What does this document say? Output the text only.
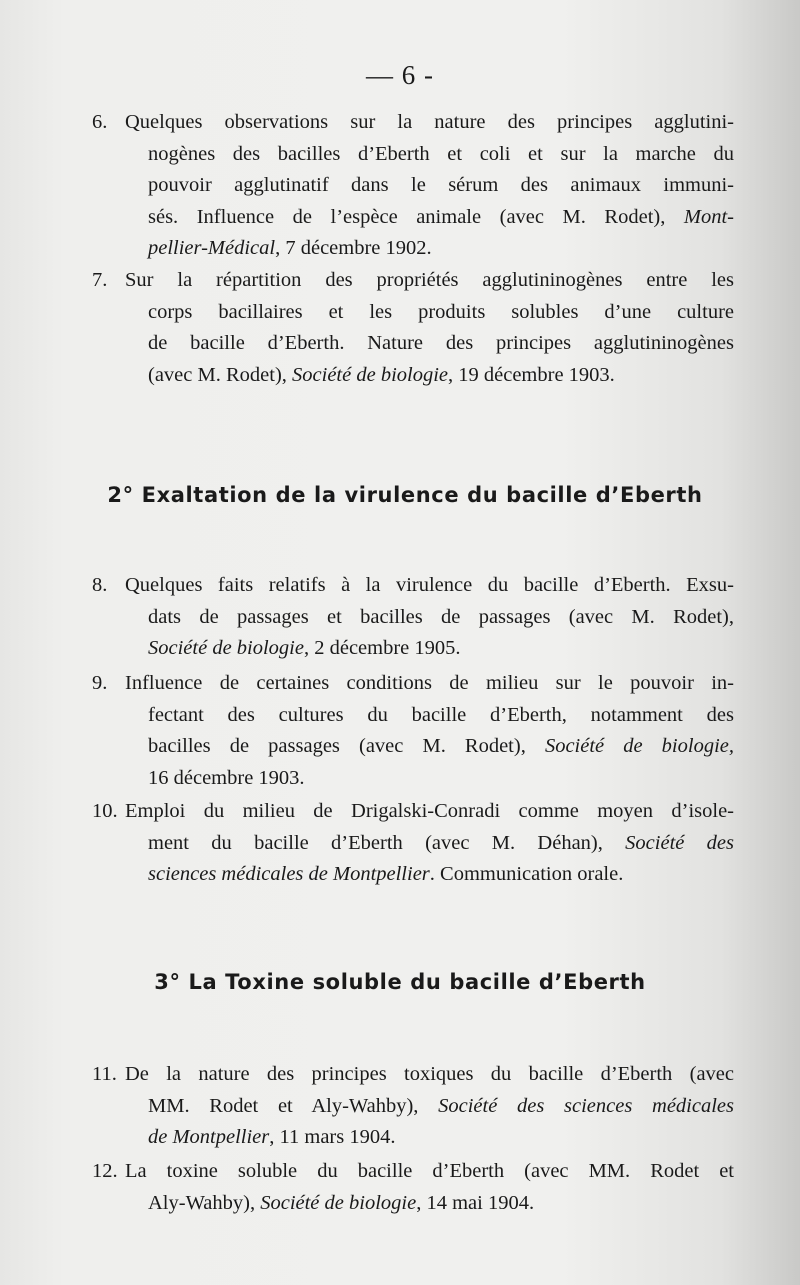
— 6 -
6. Quelques observations sur la nature des principes agglutini-
nogènes des bacilles d’Eberth et coli et sur la marche du
pouvoir agglutinatif dans le sérum des animaux immuni-
sés. Influence de l’espèce animale (avec M. Rodet), Mont-
pellier-Médical, 7 décembre 1902.
7. Sur la répartition des propriétés agglutininogènes entre les
corps bacillaires et les produits solubles d’une culture
de bacille d’Eberth. Nature des principes agglutininogènes
(avec M. Rodet), Société de biologie, 19 décembre 1903.
2° Exaltation de la virulence du bacille d’Eberth
8. Quelques faits relatifs à la virulence du bacille d’Eberth. Exsu-
dats de passages et bacilles de passages (avec M. Rodet),
Société de biologie, 2 décembre 1905.
9. Influence de certaines conditions de milieu sur le pouvoir in-
fectant des cultures du bacille d’Eberth, notamment des
bacilles de passages (avec M. Rodet), Société de biologie,
16 décembre 1903.
10. Emploi du milieu de Drigalski-Conradi comme moyen d’isole-
ment du bacille d’Eberth (avec M. Déhan), Société des
sciences médicales de Montpellier. Communication orale.
3° La Toxine soluble du bacille d’Eberth
11. De la nature des principes toxiques du bacille d’Eberth (avec
MM. Rodet et Aly-Wahby), Société des sciences médicales
de Montpellier, 11 mars 1904.
12. La toxine soluble du bacille d’Eberth (avec MM. Rodet et
Aly-Wahby), Société de biologie, 14 mai 1904.
